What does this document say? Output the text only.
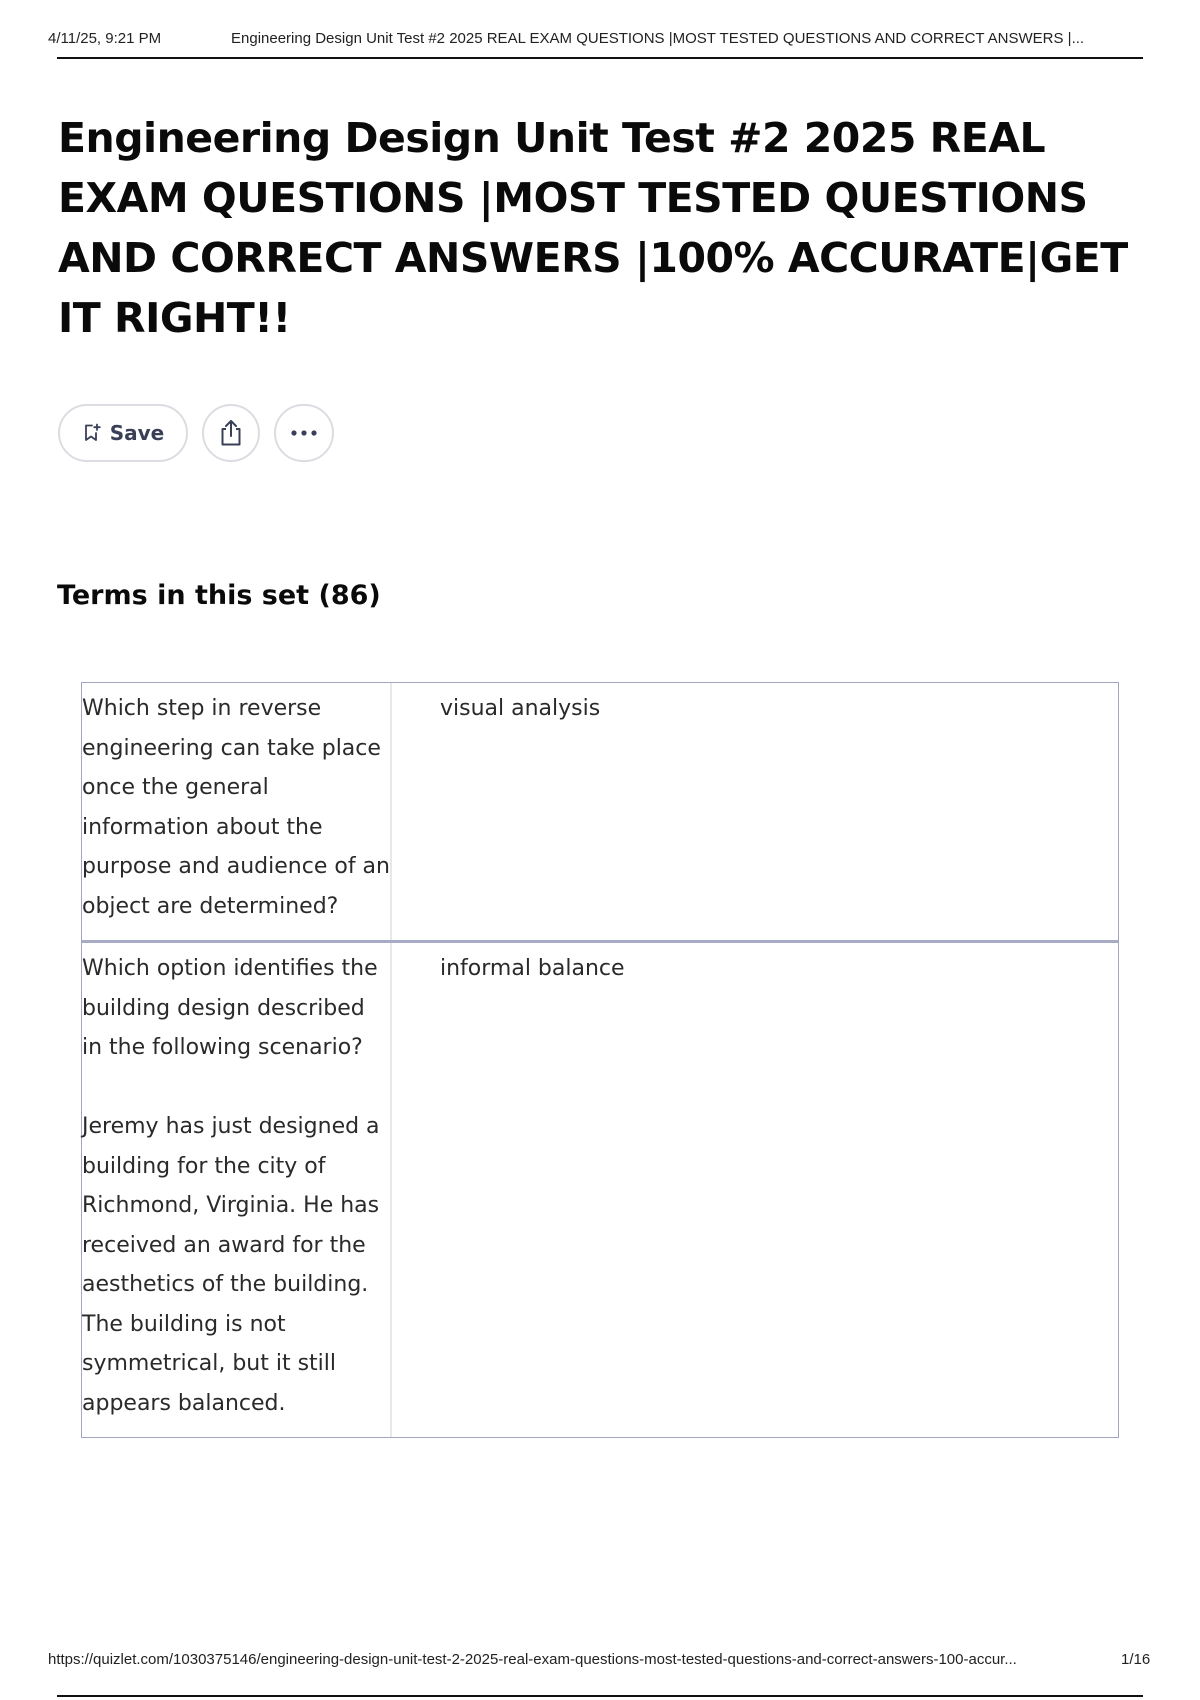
4/11/25, 9:21 PM	Engineering Design Unit Test #2 2025 REAL EXAM QUESTIONS |MOST TESTED QUESTIONS AND CORRECT ANSWERS |...
Engineering Design Unit Test #2 2025 REAL EXAM QUESTIONS |MOST TESTED QUESTIONS AND CORRECT ANSWERS |100% ACCURATE|GET IT RIGHT!!
Save
Terms in this set (86)
Which step in reverse engineering can take place once the general information about the purpose and audience of an object are determined?
visual analysis
Which option identifies the building design described in the following scenario?

Jeremy has just designed a building for the city of Richmond, Virginia. He has received an award for the aesthetics of the building. The building is not symmetrical, but it still appears balanced.
informal balance
https://quizlet.com/1030375146/engineering-design-unit-test-2-2025-real-exam-questions-most-tested-questions-and-correct-answers-100-accur...	1/16
